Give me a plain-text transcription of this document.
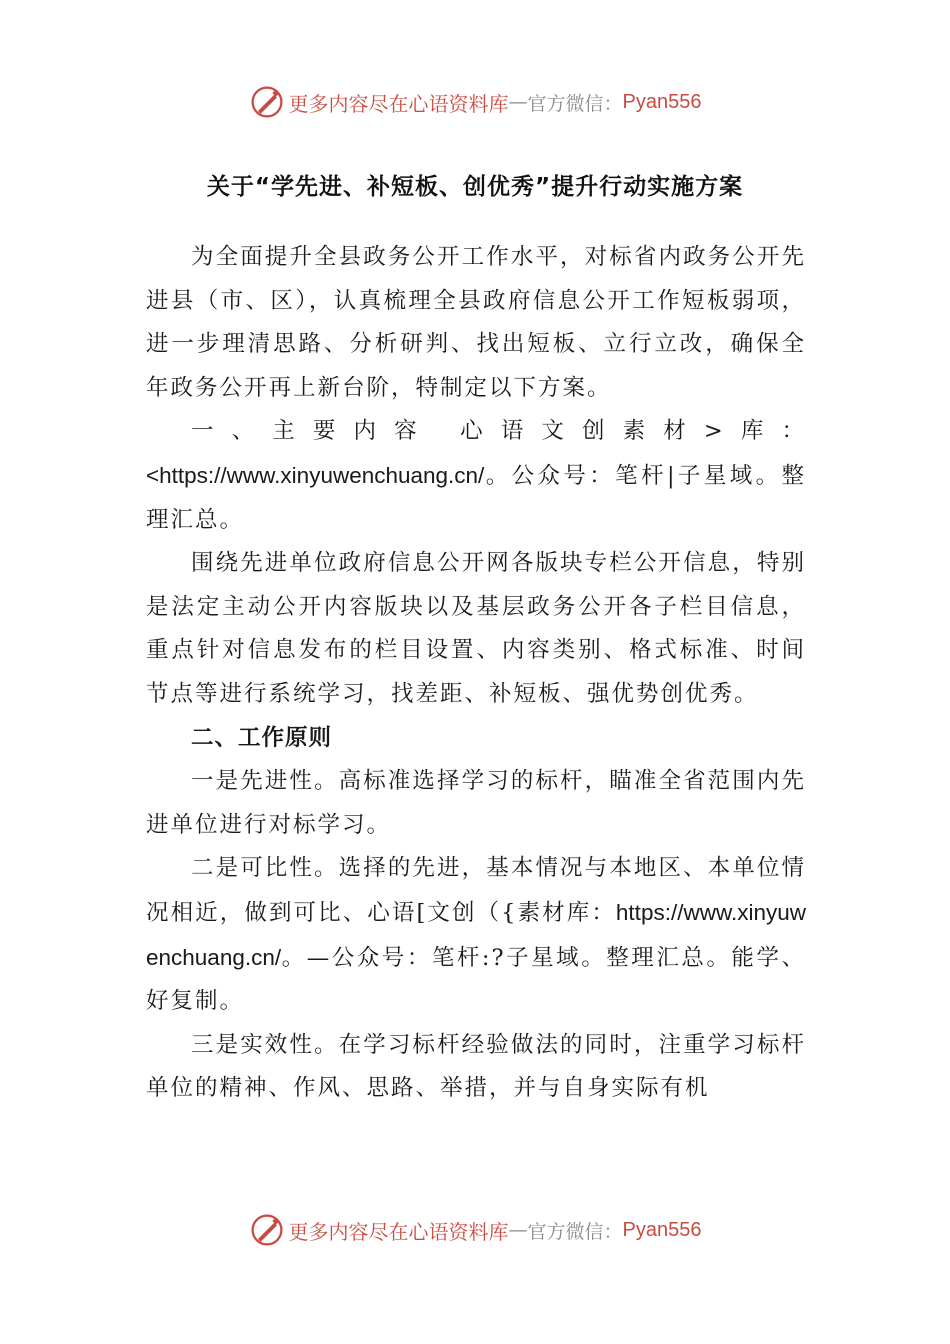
更多内容尽在心语资料库 — 官方微信： Pyan556
关于“学先进、补短板、创优秀”提升行动实施方案

为全面提升全县政务公开工作水平，对标省内政务公开先进县（市、区），认真梳理全县政府信息公开工作短板弱项，进一步理清思路、分析研判、找出短板、立行立改，确保全年政务公开再上新台阶，特制定以下方案。

一、主要内容 心语文创素材>库：
<https://www.xinyuwenchuang.cn/。公众号：笔杆|子星域。整理汇总。

围绕先进单位政府信息公开网各版块专栏公开信息，特别是法定主动公开内容版块以及基层政务公开各子栏目信息，重点针对信息发布的栏目设置、内容类别、格式标准、时间节点等进行系统学习，找差距、补短板、强优势创优秀。

二、工作原则

一是先进性。高标准选择学习的标杆，瞄准全省范围内先进单位进行对标学习。

二是可比性。选择的先进，基本情况与本地区、本单位情况相近，做到可比、心语[文创（{素材库：https://www.xinyuwenchuang.cn/。—公众号：笔杆:?子星域。整理汇总。能学、好复制。

三是实效性。在学习标杆经验做法的同时，注重学习标杆单位的精神、作风、思路、举措，并与自身实际有机

更多内容尽在心语资料库 — 官方微信： Pyan556
